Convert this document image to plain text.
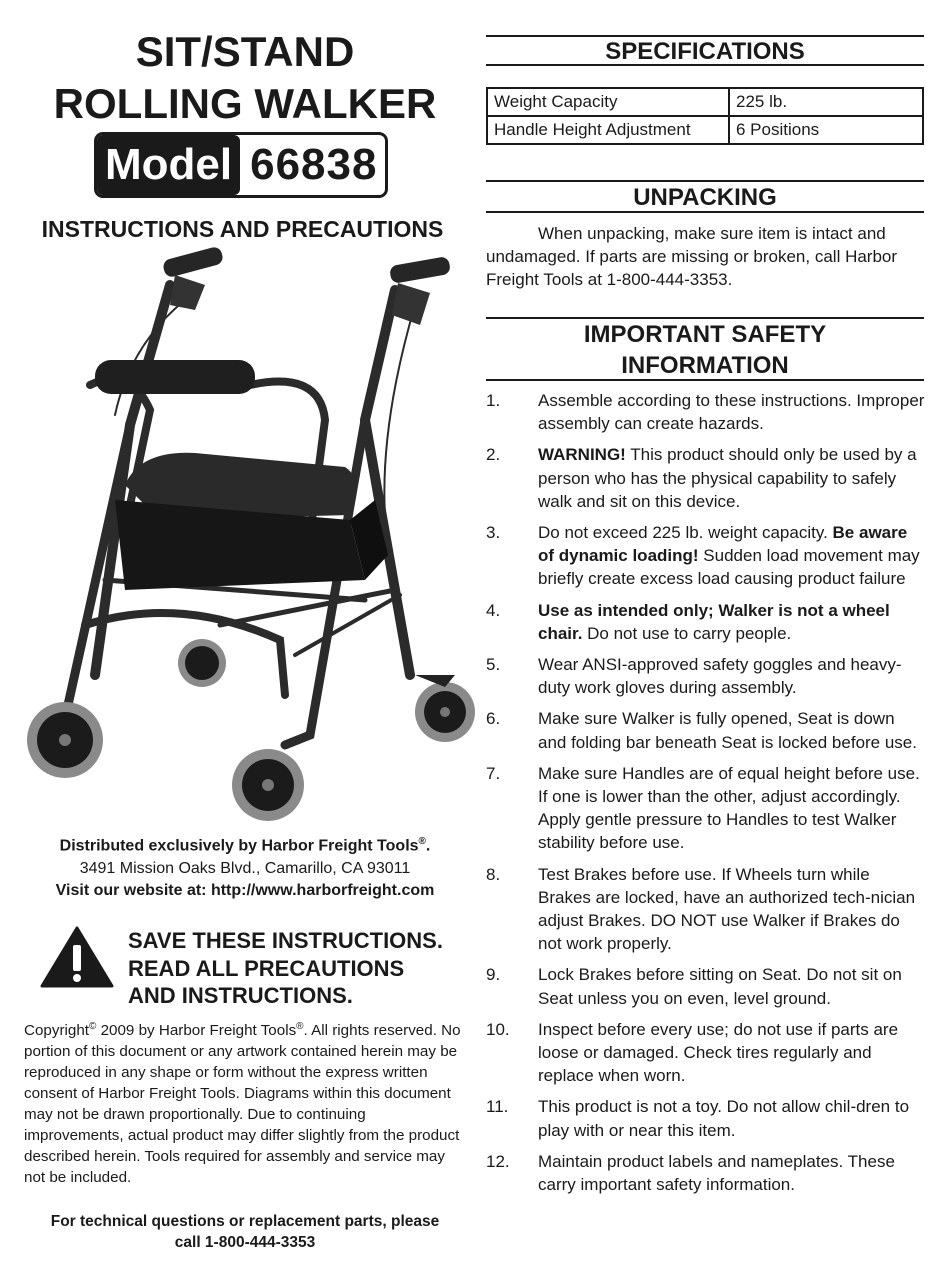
SIT/STAND
ROLLING WALKER
Model 66838
INSTRUCTIONS AND PRECAUTIONS
Distributed exclusively by Harbor Freight Tools®.
3491 Mission Oaks Blvd., Camarillo, CA 93011
Visit our website at: http://www.harborfreight.com
SAVE THESE INSTRUCTIONS.
READ ALL PRECAUTIONS
AND INSTRUCTIONS.
Copyright© 2009 by Harbor Freight Tools®. All rights reserved. No portion of this document or any artwork contained herein may be reproduced in any shape or form without the express written consent of Harbor Freight Tools. Diagrams within this document may not be drawn proportionally. Due to continuing improvements, actual product may differ slightly from the product described herein. Tools required for assembly and service may not be included.
For technical questions or replacement parts, please
call 1-800-444-3353
SPECIFICATIONS
Weight Capacity	225 lb.
Handle Height Adjustment	6 Positions
UNPACKING
When unpacking, make sure item is intact and undamaged. If parts are missing or broken, call Harbor Freight Tools at 1-800-444-3353.
IMPORTANT SAFETY
INFORMATION
1.	Assemble according to these instructions. Improper assembly can create hazards.
2.	WARNING! This product should only be used by a person who has the physical capability to safely walk and sit on this device.
3.	Do not exceed 225 lb. weight capacity. Be aware of dynamic loading! Sudden load movement may briefly create excess load causing product failure
4.	Use as intended only; Walker is not a wheel chair. Do not use to carry people.
5.	Wear ANSI-approved safety goggles and heavy-duty work gloves during assembly.
6.	Make sure Walker is fully opened, Seat is down and folding bar beneath Seat is locked before use.
7.	Make sure Handles are of equal height before use. If one is lower than the other, adjust accordingly. Apply gentle pressure to Handles to test Walker stability before use.
8.	Test Brakes before use. If Wheels turn while Brakes are locked, have an authorized tech-nician adjust Brakes. DO NOT use Walker if Brakes do not work properly.
9.	Lock Brakes before sitting on Seat. Do not sit on Seat unless you on even, level ground.
10.	Inspect before every use; do not use if parts are loose or damaged. Check tires regularly and replace when worn.
11.	This product is not a toy. Do not allow chil-dren to play with or near this item.
12.	Maintain product labels and nameplates. These carry important safety information.
